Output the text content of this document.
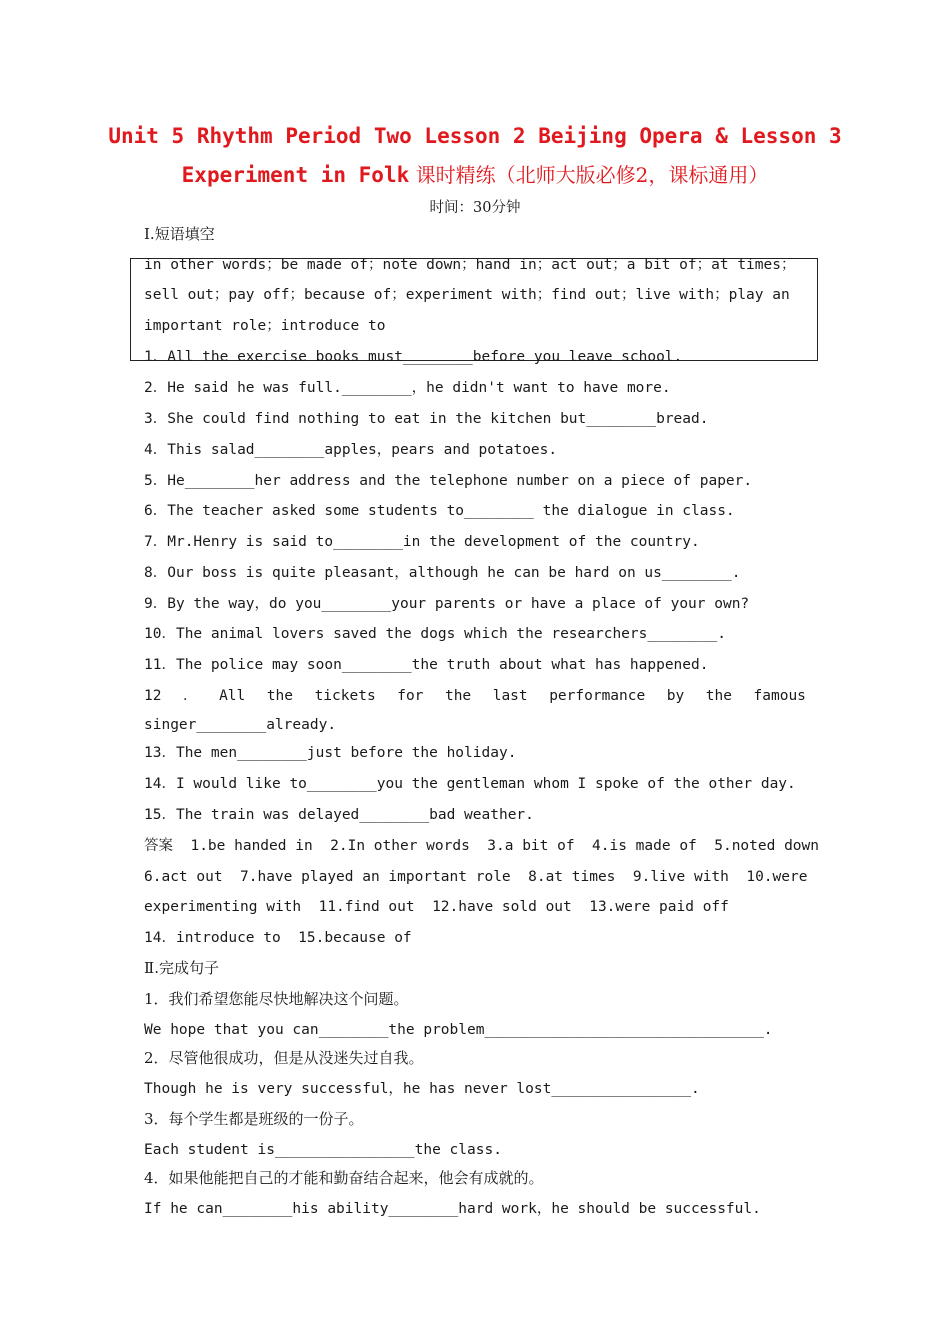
Unit 5 Rhythm Period Two Lesson 2 Beijing Opera & Lesson 3
Experiment in Folk 课时精练（北师大版必修2，课标通用）
时间：30分钟
Ⅰ.短语填空
in other words；be made of；note down；hand in；act out；a bit of；at times；
sell out；pay off；because of；experiment with；find out；live with；play an
important role；introduce to
1．All the exercise books must________before you leave school.
2．He said he was full.________，he didn't want to have more.
3．She could find nothing to eat in the kitchen but________bread.
4．This salad________apples，pears and potatoes.
5．He________her address and the telephone number on a piece of paper.
6．The teacher asked some students to________ the dialogue in class.
7．Mr.Henry is said to________in the development of the country.
8．Our boss is quite pleasant，although he can be hard on us________.
9．By the way，do you________your parents or have a place of your own?
10．The animal lovers saved the dogs which the researchers________.
11．The police may soon________the truth about what has happened.
12 ． All the tickets for the last performance by the famous
singer________already.
13．The men________just before the holiday.
14．I would like to________you the gentleman whom I spoke of the other day.
15．The train was delayed________bad weather.
答案  1.be handed in  2.In other words  3.a bit of  4.is made of  5.noted down
6.act out  7.have played an important role  8.at times  9.live with  10.were
experimenting with  11.find out  12.have sold out  13.were paid off
14．introduce to  15.because of
Ⅱ.完成句子
1．我们希望您能尽快地解决这个问题。
We hope that you can________the problem________________________________.
2．尽管他很成功，但是从没迷失过自我。
Though he is very successful，he has never lost________________.
3．每个学生都是班级的一份子。
Each student is________________the class.
4．如果他能把自己的才能和勤奋结合起来，他会有成就的。
If he can________his ability________hard work，he should be successful.
